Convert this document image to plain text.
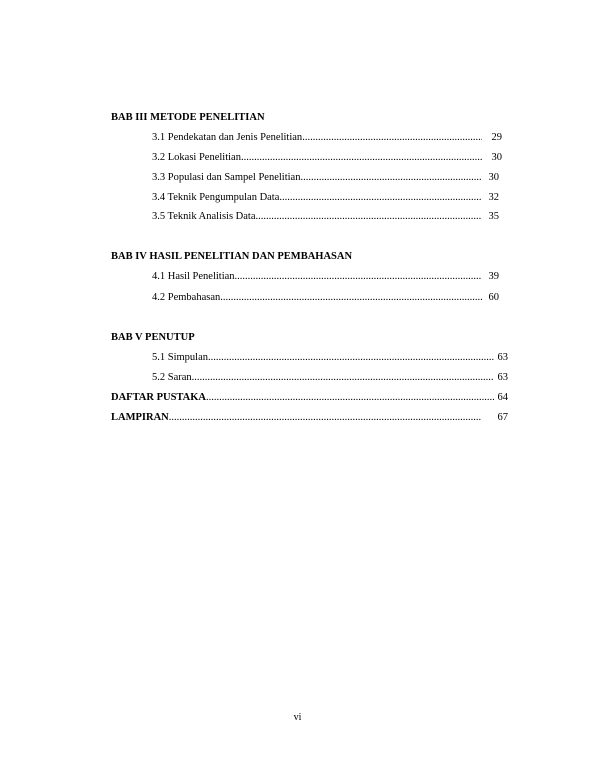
BAB III METODE PENELITIAN
3.1 Pendekatan dan Jenis Penelitian .....	29
3.2 Lokasi Penelitian .....	30
3.3 Populasi dan Sampel Penelitian .....	30
3.4 Teknik Pengumpulan Data .....	32
3.5 Teknik Analisis Data .....	35
BAB IV HASIL PENELITIAN DAN PEMBAHASAN
4.1 Hasil Penelitian .....	39
4.2 Pembahasan .....	60
BAB V PENUTUP
5.1 Simpulan .....	63
5.2 Saran .....	63
DAFTAR PUSTAKA .....	64
LAMPIRAN .....	67
vi
